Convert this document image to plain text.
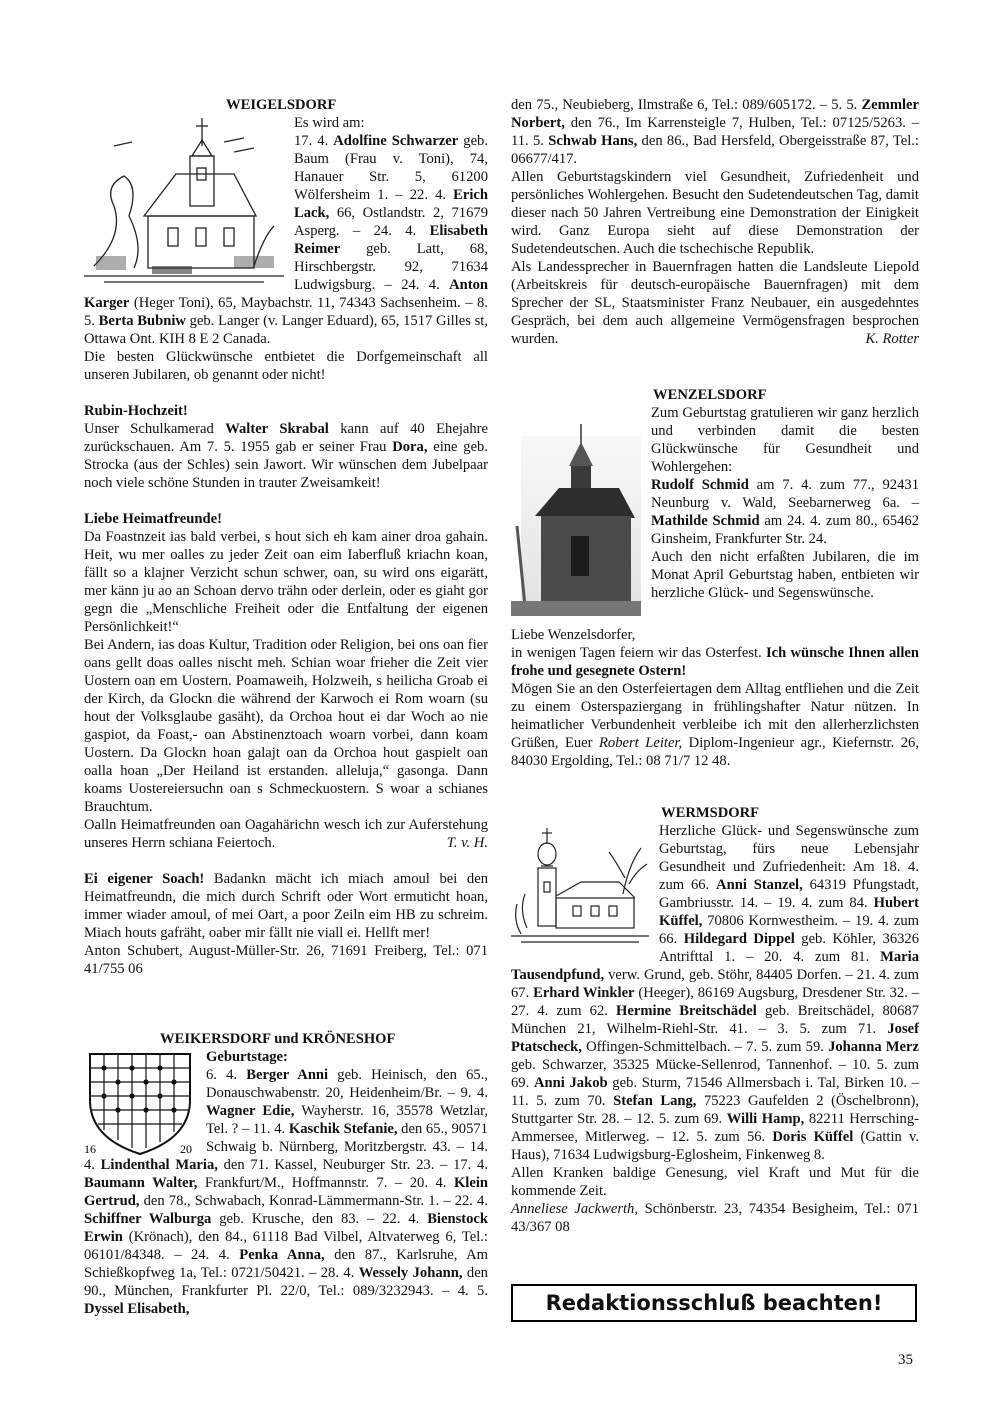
WEIGELSDORF

Es wird am:
17. 4. Adolfine Schwarzer geb. Baum (Frau v. Toni), 74, Hanauer Str. 5, 61200 Wölfersheim 1. – 22. 4. Erich Lack, 66, Ostlandstr. 2, 71679 Asperg. – 24. 4. Elisabeth Reimer geb. Latt, 68, Hirschbergstr. 92, 71634 Ludwigsburg. – 24. 4. Anton Karger (Heger Toni), 65, Maybachstr. 11, 74343 Sachsenheim. – 8. 5. Berta Bubniw geb. Langer (v. Langer Eduard), 65, 1517 Gilles st, Ottawa Ont. KIH 8 E 2 Canada.

Die besten Glückwünsche entbietet die Dorfgemeinschaft all unseren Jubilaren, ob genannt oder nicht!

Rubin-Hochzeit!

Unser Schulkamerad Walter Skrabal kann auf 40 Ehejahre zurückschauen. Am 7. 5. 1955 gab er seiner Frau Dora, eine geb. Strocka (aus der Schles) sein Jawort. Wir wünschen dem Jubelpaar noch viele schöne Stunden in trauter Zweisamkeit!

Liebe Heimatfreunde!

Da Foastnzeit ias bald verbei, s hout sich eh kam ainer droa gahain. Heit, wu mer oalles zu jeder Zeit oan eim Iaberfluß kriachn koan, fällt so a klajner Verzicht schun schwer, oan, su wird ons eigarätt, mer känn ju ao an Schoan dervo trähn oder derlein, oder es giaht gor gegn die „Menschliche Freiheit oder die Entfaltung der eigenen Persönlichkeit!“

Bei Andern, ias doas Kultur, Tradition oder Religion, bei ons oan fier oans gellt doas oalles nischt meh. Schian woar frieher die Zeit vier Uostern oan em Uostern. Poamaweih, Holzweih, s heilicha Groab ei der Kirch, da Glockn die während der Karwoch ei Rom woarn (su hout der Volksglaube gasäht), da Orchoa hout ei dar Woch ao nie gaspiot, da Foast,- oan Abstinenztoach woarn vorbei, dann koam Uostern. Da Glockn hoan galajt oan da Orchoa hout gaspielt oan oalla hoan „Der Heiland ist erstanden. alleluja,“ gasonga. Dann koams Uostereiersuchn oan s Schmeckuostern. S woar a schianes Brauchtum.

Oalln Heimatfreunden oan Oagahärichn wesch ich zur Auferstehung unseres Herrn schiana Feiertoch.	T. v. H.

Ei eigener Soach! Badankn mächt ich miach amoul bei den Heimatfreundn, die mich durch Schrift oder Wort ermuticht hoan, immer wiader amoul, of mei Oart, a poor Zeiln eim HB zu schreim. Miach houts gafräht, oaber mir fällt nie viall ei. Hellft mer!

Anton Schubert, August-Müller-Str. 26, 71691 Freiberg, Tel.: 071 41/755 06

WEIKERSDORF und KRÖNESHOF

16	20

Geburtstage:

6. 4. Berger Anni geb. Heinisch, den 65., Donauschwabenstr. 20, Heidenheim/Br. – 9. 4. Wagner Edie, Wayherstr. 16, 35578 Wetzlar, Tel. ? – 11. 4. Kaschik Stefanie, den 65., 90571 Schwaig b. Nürnberg, Moritzbergstr. 43. – 14. 4. Lindenthal Maria, den 71. Kassel, Neuburger Str. 23. – 17. 4. Baumann Walter, Frankfurt/M., Hoffmannstr. 7. – 20. 4. Klein Gertrud, den 78., Schwabach, Konrad-Lämmermann-Str. 1. – 22. 4. Schiffner Walburga geb. Krusche, den 83. – 22. 4. Bienstock Erwin (Krönach), den 84., 61118 Bad Vilbel, Altvaterweg 6, Tel.: 06101/84348. – 24. 4. Penka Anna, den 87., Karlsruhe, Am Schießkopfweg 1a, Tel.: 0721/50421. – 28. 4. Wessely Johann, den 90., München, Frankfurter Pl. 22/0, Tel.: 089/3232943. – 4. 5. Dyssel Elisabeth,

den 75., Neubieberg, Ilmstraße 6, Tel.: 089/605172. – 5. 5. Zemmler Norbert, den 76., Im Karrensteigle 7, Hulben, Tel.: 07125/5263. – 11. 5. Schwab Hans, den 86., Bad Hersfeld, Obergeisstraße 87, Tel.: 06677/417.

Allen Geburtstagskindern viel Gesundheit, Zufriedenheit und persönliches Wohlergehen. Besucht den Sudetendeutschen Tag, damit dieser nach 50 Jahren Vertreibung eine Demonstration der Einigkeit wird. Ganz Europa sieht auf diese Demonstration der Sudetendeutschen. Auch die tschechische Republik.

Als Landessprecher in Bauernfragen hatten die Landsleute Liepold (Arbeitskreis für deutsch-europäische Bauernfragen) mit dem Sprecher der SL, Staatsminister Franz Neubauer, ein ausgedehntes Gespräch, bei dem auch allgemeine Vermögensfragen besprochen wurden.	K. Rotter

WENZELSDORF

Zum Geburtstag gratulieren wir ganz herzlich und verbinden damit die besten Glückwünsche für Gesundheit und Wohlergehen:

Rudolf Schmid am 7. 4. zum 77., 92431 Neunburg v. Wald, Seebarnerweg 6a. – Mathilde Schmid am 24. 4. zum 80., 65462 Ginsheim, Frankfurter Str. 24.

Auch den nicht erfaßten Jubilaren, die im Monat April Geburtstag haben, entbieten wir herzliche Glück- und Segenswünsche.

Liebe Wenzelsdorfer,

in wenigen Tagen feiern wir das Osterfest. Ich wünsche Ihnen allen frohe und gesegnete Ostern!

Mögen Sie an den Osterfeiertagen dem Alltag entfliehen und die Zeit zu einem Osterspaziergang in frühlingshafter Natur nützen. In heimatlicher Verbundenheit verbleibe ich mit den allerherzlichsten Grüßen, Euer Robert Leiter, Diplom-Ingenieur agr., Kiefernstr. 26, 84030 Ergolding, Tel.: 08 71/7 12 48.

WERMSDORF

Herzliche Glück- und Segenswünsche zum Geburtstag, fürs neue Lebensjahr Gesundheit und Zufriedenheit: Am 18. 4. zum 66. Anni Stanzel, 64319 Pfungstadt, Gambriusstr. 14. – 19. 4. zum 84. Hubert Küffel, 70806 Kornwestheim. – 19. 4. zum 66. Hildegard Dippel geb. Köhler, 36326 Antrifttal 1. – 20. 4. zum 81. Maria Tausendpfund, verw. Grund, geb. Stöhr, 84405 Dorfen. – 21. 4. zum 67. Erhard Winkler (Heeger), 86169 Augsburg, Dresdener Str. 32. – 27. 4. zum 62. Hermine Breitschädel geb. Breitschädel, 80687 München 21, Wilhelm-Riehl-Str. 41. – 3. 5. zum 71. Josef Ptatscheck, Offingen-Schmittelbach. – 7. 5. zum 59. Johanna Merz geb. Schwarzer, 35325 Mücke-Sellenrod, Tannenhof. – 10. 5. zum 69. Anni Jakob geb. Sturm, 71546 Allmersbach i. Tal, Birken 10. – 11. 5. zum 70. Stefan Lang, 75223 Gaufelden 2 (Öschelbronn), Stuttgarter Str. 28. – 12. 5. zum 69. Willi Hamp, 82211 Herrsching-Ammersee, Mitlerweg. – 12. 5. zum 56. Doris Küffel (Gattin v. Haus), 71634 Ludwigsburg-Eglosheim, Finkenweg 8.

Allen Kranken baldige Genesung, viel Kraft und Mut für die kommende Zeit.

Anneliese Jackwerth, Schönberstr. 23, 74354 Besigheim, Tel.: 071 43/367 08

Redaktionsschluß beachten!
35
